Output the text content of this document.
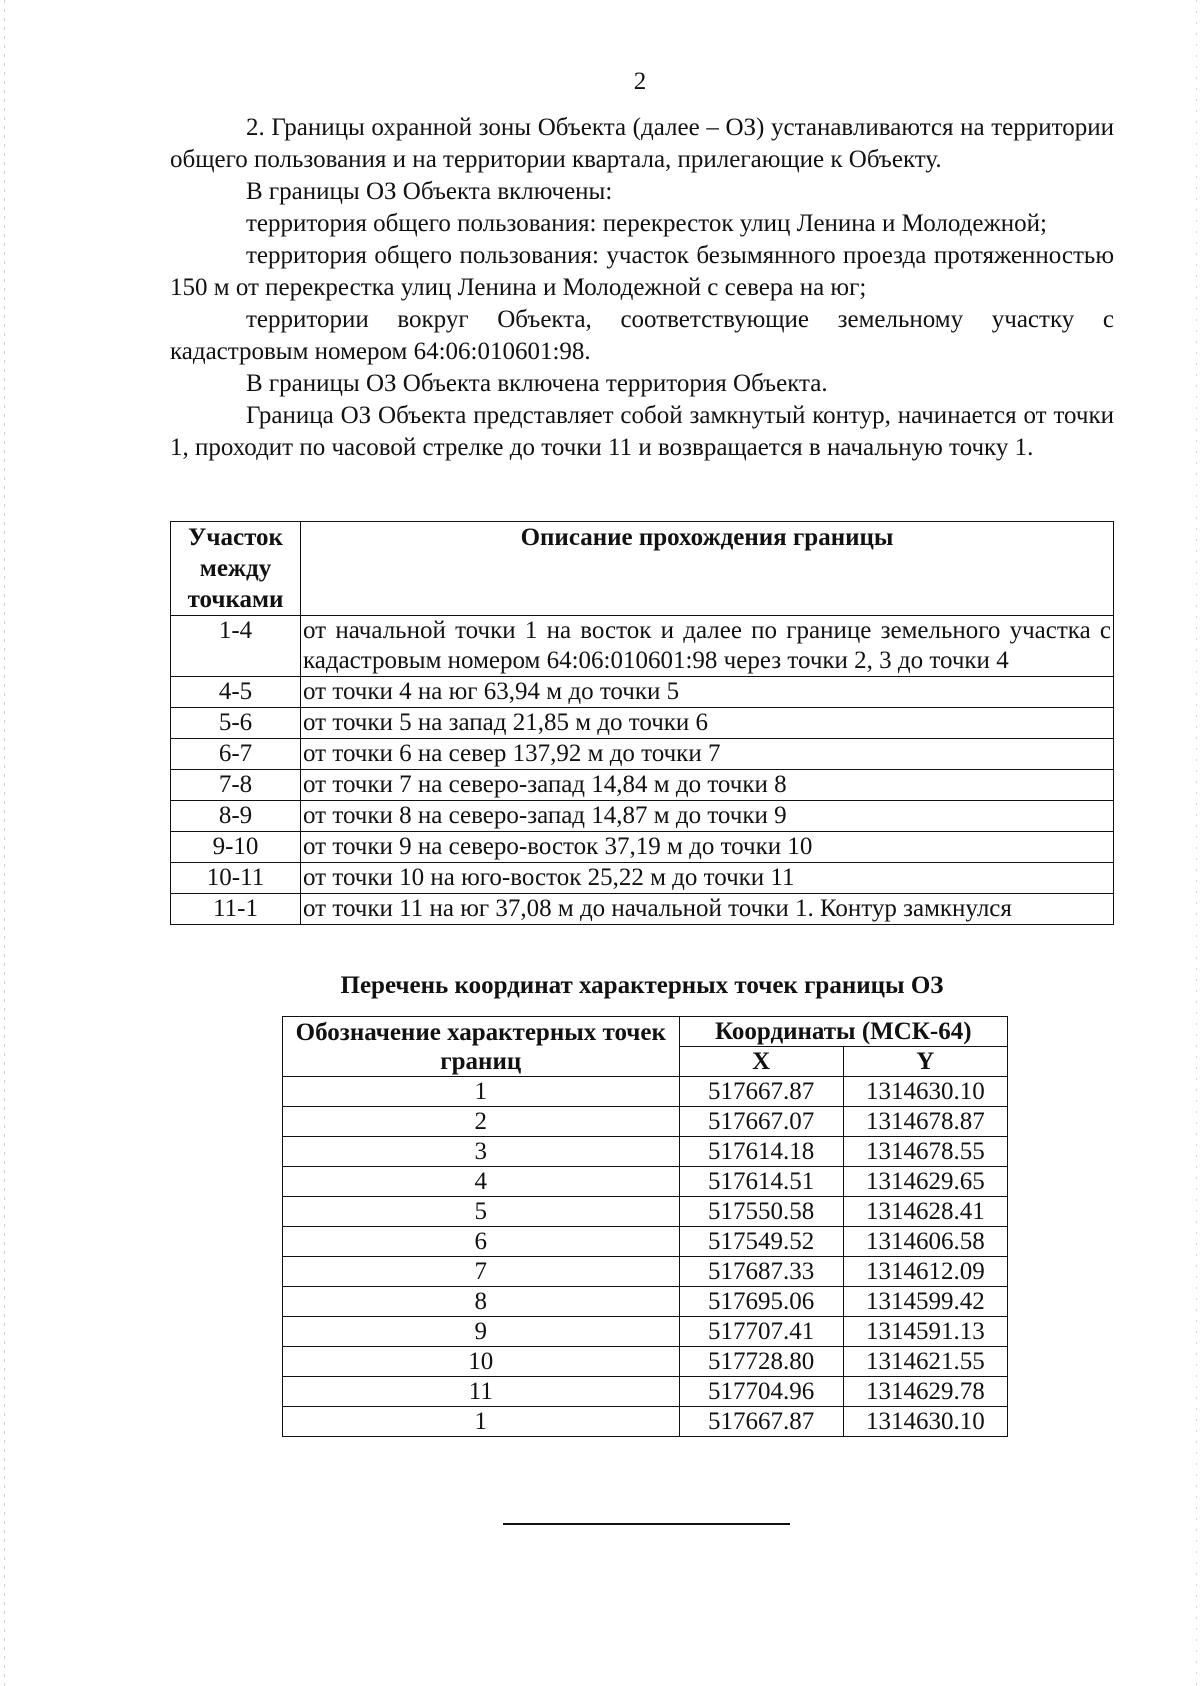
2

2. Границы охранной зоны Объекта (далее – ОЗ) устанавливаются на территории общего пользования и на территории квартала, прилегающие к Объекту.

В границы ОЗ Объекта включены:

территория общего пользования: перекресток улиц Ленина и Молодежной;

территория общего пользования: участок безымянного проезда протяженностью 150 м от перекрестка улиц Ленина и Молодежной с севера на юг;

территории вокруг Объекта, соответствующие земельному участку с кадастровым номером 64:06:010601:98.

В границы ОЗ Объекта включена территория Объекта.

Граница ОЗ Объекта представляет собой замкнутый контур, начинается от точки 1, проходит по часовой стрелке до точки 11 и возвращается в начальную точку 1.

Участок между точками	Описание прохождения границы
1-4	от начальной точки 1 на восток и далее по границе земельного участка с кадастровым номером 64:06:010601:98 через точки 2, 3 до точки 4
4-5	от точки 4 на юг 63,94 м до точки 5
5-6	от точки 5 на запад 21,85 м до точки 6
6-7	от точки 6 на север 137,92 м до точки 7
7-8	от точки 7 на северо-запад 14,84 м до точки 8
8-9	от точки 8 на северо-запад 14,87 м до точки 9
9-10	от точки 9 на северо-восток 37,19 м до точки 10
10-11	от точки 10 на юго-восток 25,22 м до точки 11
11-1	от точки 11 на юг 37,08 м до начальной точки 1. Контур замкнулся
Перечень координат характерных точек границы ОЗ
Обозначение характерных точек границ	Координаты (МСК-64)	
	X	Y
1	517667.87	1314630.10
2	517667.07	1314678.87
3	517614.18	1314678.55
4	517614.51	1314629.65
5	517550.58	1314628.41
6	517549.52	1314606.58
7	517687.33	1314612.09
8	517695.06	1314599.42
9	517707.41	1314591.13
10	517728.80	1314621.55
11	517704.96	1314629.78
1	517667.87	1314630.10
